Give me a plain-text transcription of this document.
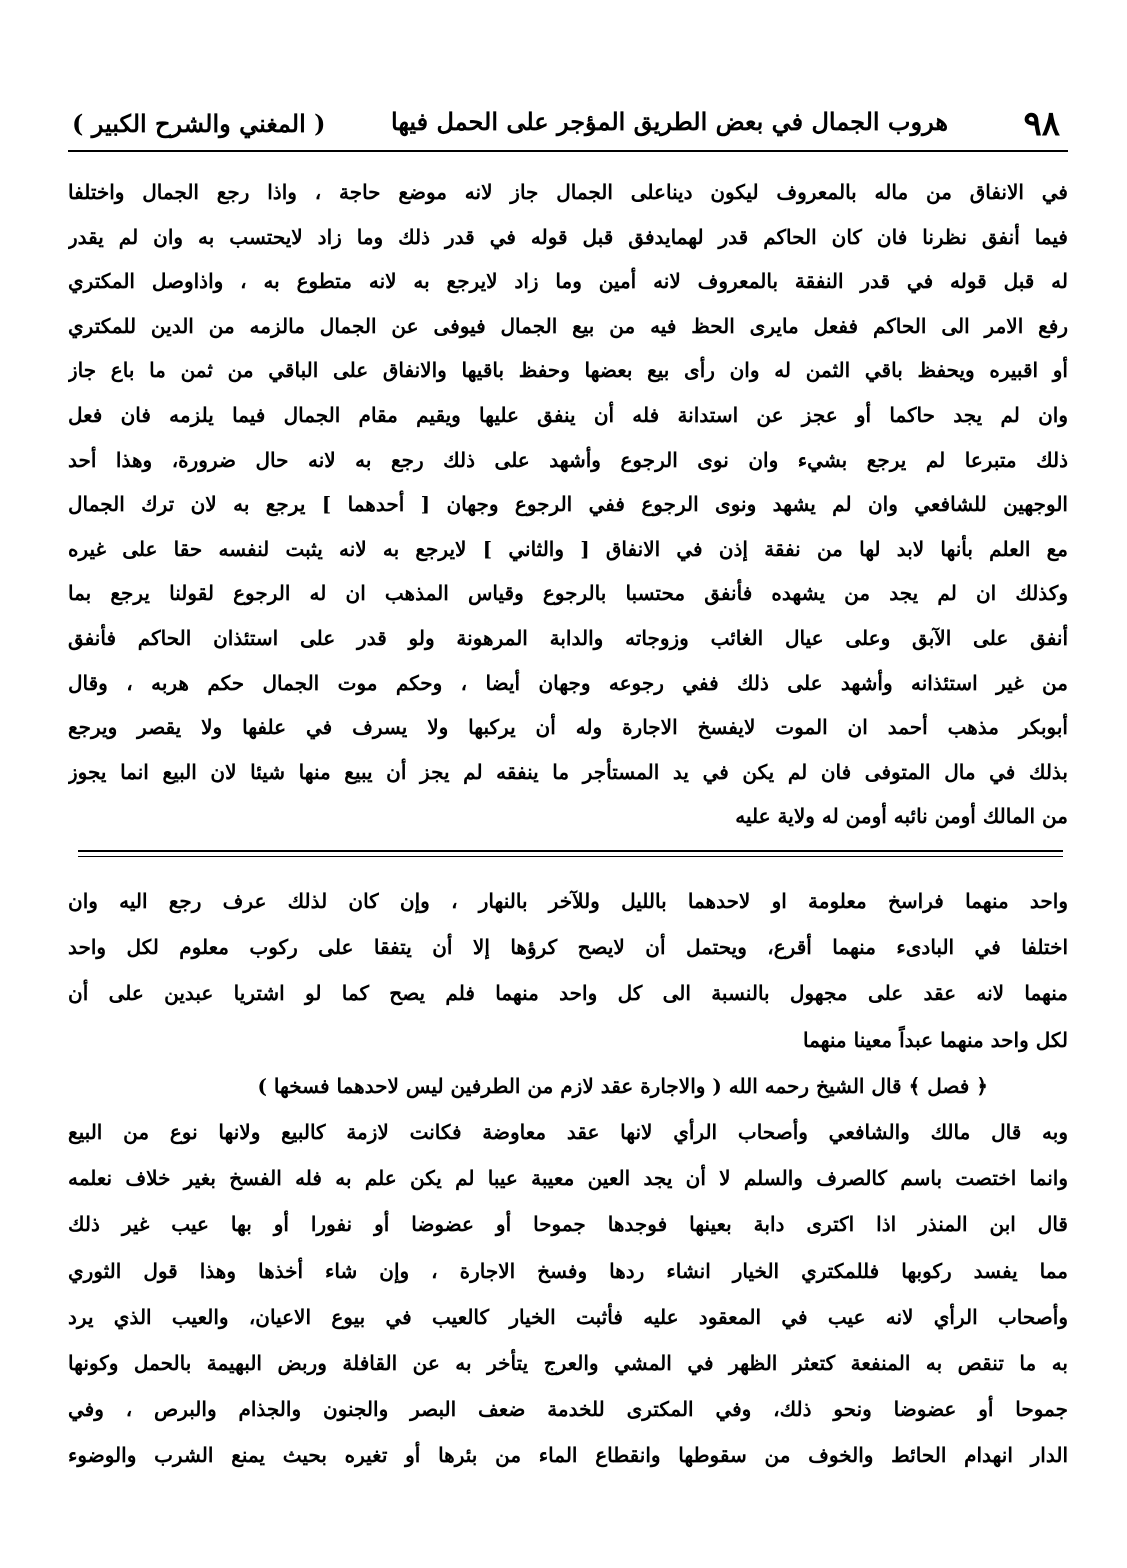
٩٨
هروب الجمال في بعض الطريق المؤجر على الحمل فيها
( المغني والشرح الكبير )
في الانفاق من ماله بالمعروف ليكون ديناعلى الجمال جاز لانه موضع حاجة ، واذا رجع الجمال واختلفا
فيما أنفق نظرنا فان كان الحاكم قدر لهمايدفق قبل قوله في قدر ذلك وما زاد لايحتسب به وان لم يقدر
له قبل قوله في قدر النفقة بالمعروف لانه أمين وما زاد لايرجع به لانه متطوع به ، واذاوصل المكتري
رفع الامر الى الحاكم ففعل مايرى الحظ فيه من بيع الجمال فيوفى عن الجمال مالزمه من الدين للمكتري
أو اقبيره ويحفظ باقي الثمن له وان رأى بيع بعضها وحفظ باقيها والانفاق على الباقي من ثمن ما باع جاز
وان لم يجد حاكما أو عجز عن استدانة فله أن ينفق عليها ويقيم مقام الجمال فيما يلزمه فان فعل
ذلك متبرعا لم يرجع بشيء وان نوى الرجوع وأشهد على ذلك رجع به لانه حال ضرورة، وهذا أحد
الوجهين للشافعي وان لم يشهد ونوى الرجوع ففي الرجوع وجهان [ أحدهما ] يرجع به لان ترك الجمال
مع العلم بأنها لابد لها من نفقة إذن في الانفاق [ والثاني ] لايرجع به لانه يثبت لنفسه حقا على غيره
وكذلك ان لم يجد من يشهده فأنفق محتسبا بالرجوع وقياس المذهب ان له الرجوع لقولنا يرجع بما
أنفق على الآبق وعلى عيال الغائب وزوجاته والدابة المرهونة ولو قدر على استئذان الحاكم فأنفق
من غير استئذانه وأشهد على ذلك ففي رجوعه وجهان أيضا ، وحكم موت الجمال حكم هربه ، وقال
أبوبكر مذهب أحمد ان الموت لايفسخ الاجارة وله أن يركبها ولا يسرف في علفها ولا يقصر ويرجع
بذلك في مال المتوفى فان لم يكن في يد المستأجر ما ينفقه لم يجز أن يبيع منها شيئا لان البيع انما يجوز
من المالك أومن نائبه أومن له ولاية عليه
واحد منهما فراسخ معلومة او لاحدهما بالليل وللآخر بالنهار ، وإن كان لذلك عرف رجع اليه وان
اختلفا في البادىء منهما أقرع، ويحتمل أن لايصح كرؤها إلا أن يتفقا على ركوب معلوم لكل واحد
منهما لانه عقد على مجهول بالنسبة الى كل واحد منهما فلم يصح كما لو اشتريا عبدين على أن
لكل واحد منهما عبداً معينا منهما
﴿ فصل ﴾ قال الشيخ رحمه الله ( والاجارة عقد لازم من الطرفين ليس لاحدهما فسخها )
وبه قال مالك والشافعي وأصحاب الرأي لانها عقد معاوضة فكانت لازمة كالبيع ولانها نوع من البيع
وانما اختصت باسم كالصرف والسلم لا أن يجد العين معيبة عيبا لم يكن علم به فله الفسخ بغير خلاف نعلمه
قال ابن المنذر اذا اكترى دابة بعينها فوجدها جموحا أو عضوضا أو نفورا أو بها عيب غير ذلك
مما يفسد ركوبها فللمكتري الخيار انشاء ردها وفسخ الاجارة ، وإن شاء أخذها وهذا قول الثوري
وأصحاب الرأي لانه عيب في المعقود عليه فأثبت الخيار كالعيب في بيوع الاعيان، والعيب الذي يرد
به ما تنقص به المنفعة كتعثر الظهر في المشي والعرج يتأخر به عن القافلة وربض البهيمة بالحمل وكونها
جموحا أو عضوضا ونحو ذلك، وفي المكترى للخدمة ضعف البصر والجنون والجذام والبرص ، وفي
الدار انهدام الحائط والخوف من سقوطها وانقطاع الماء من بئرها أو تغيره بحيث يمنع الشرب والوضوء
